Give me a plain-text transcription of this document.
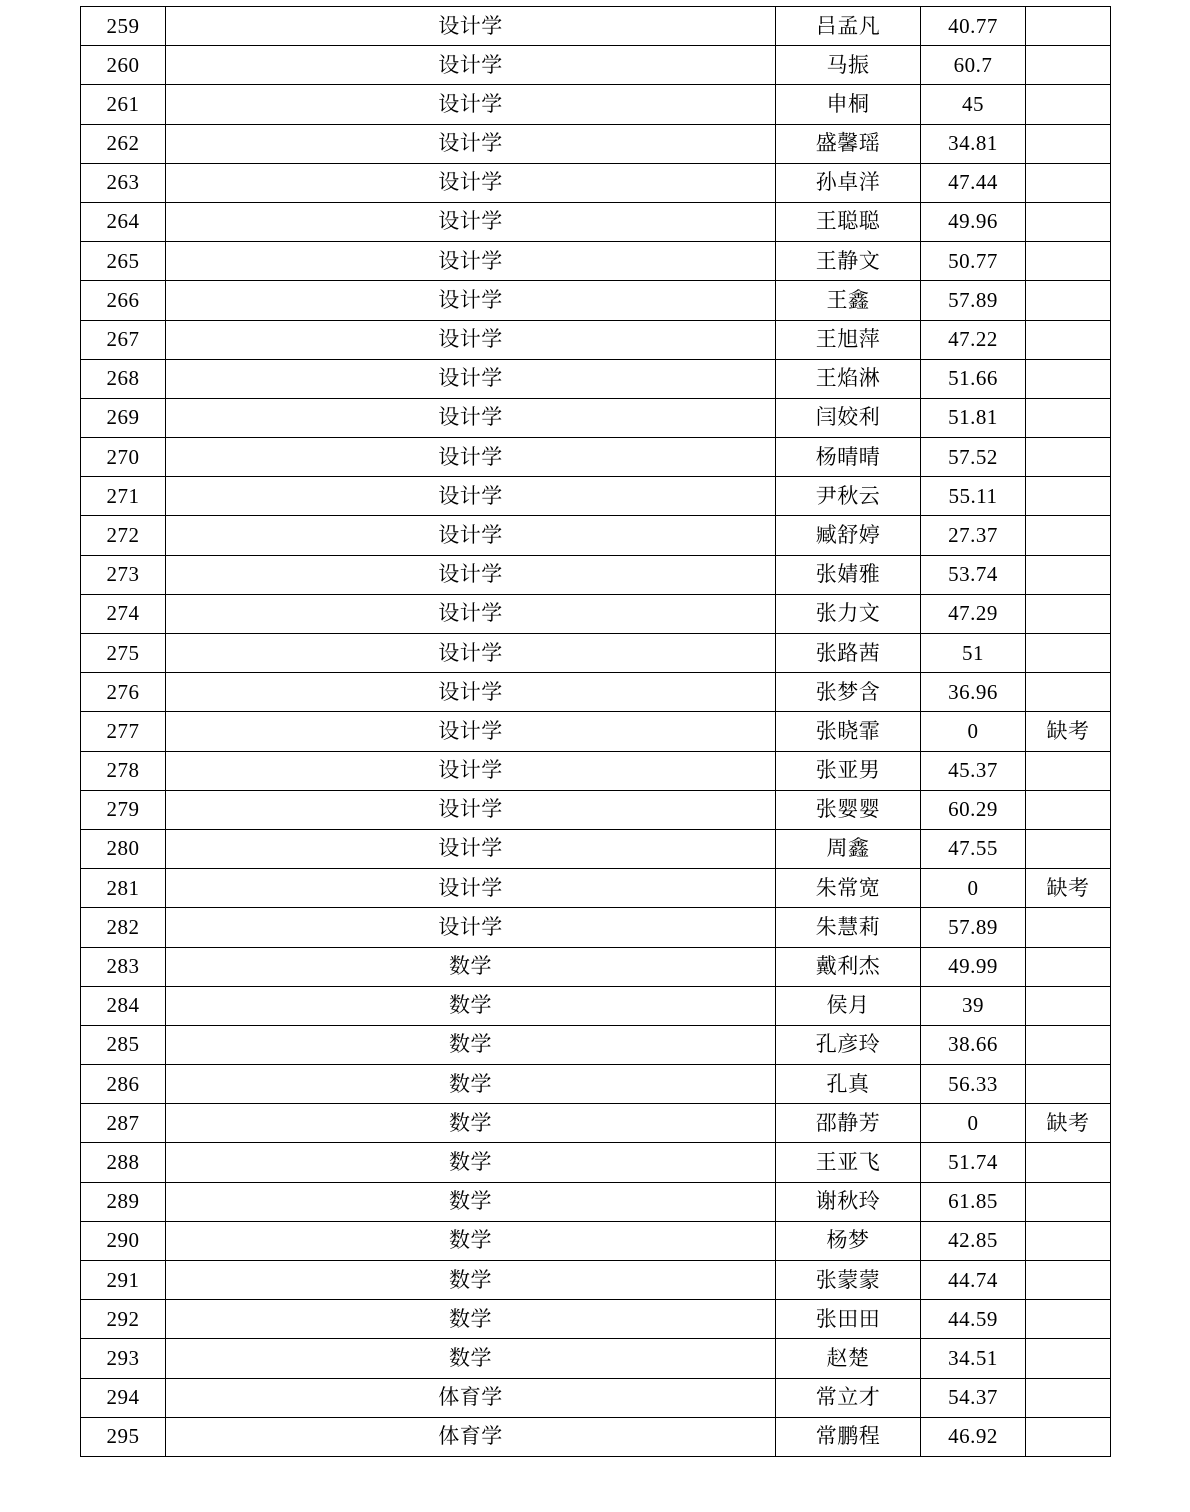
259	设计学	吕孟凡	40.77	
260	设计学	马振	60.7	
261	设计学	申桐	45	
262	设计学	盛馨瑶	34.81	
263	设计学	孙卓洋	47.44	
264	设计学	王聪聪	49.96	
265	设计学	王静文	50.77	
266	设计学	王鑫	57.89	
267	设计学	王旭萍	47.22	
268	设计学	王焰淋	51.66	
269	设计学	闫姣利	51.81	
270	设计学	杨晴晴	57.52	
271	设计学	尹秋云	55.11	
272	设计学	臧舒婷	27.37	
273	设计学	张婧雅	53.74	
274	设计学	张力文	47.29	
275	设计学	张路茜	51	
276	设计学	张梦含	36.96	
277	设计学	张晓霏	0	缺考
278	设计学	张亚男	45.37	
279	设计学	张婴婴	60.29	
280	设计学	周鑫	47.55	
281	设计学	朱常宽	0	缺考
282	设计学	朱慧莉	57.89	
283	数学	戴利杰	49.99	
284	数学	侯月	39	
285	数学	孔彦玲	38.66	
286	数学	孔真	56.33	
287	数学	邵静芳	0	缺考
288	数学	王亚飞	51.74	
289	数学	谢秋玲	61.85	
290	数学	杨梦	42.85	
291	数学	张蒙蒙	44.74	
292	数学	张田田	44.59	
293	数学	赵楚	34.51	
294	体育学	常立才	54.37	
295	体育学	常鹏程	46.92	
